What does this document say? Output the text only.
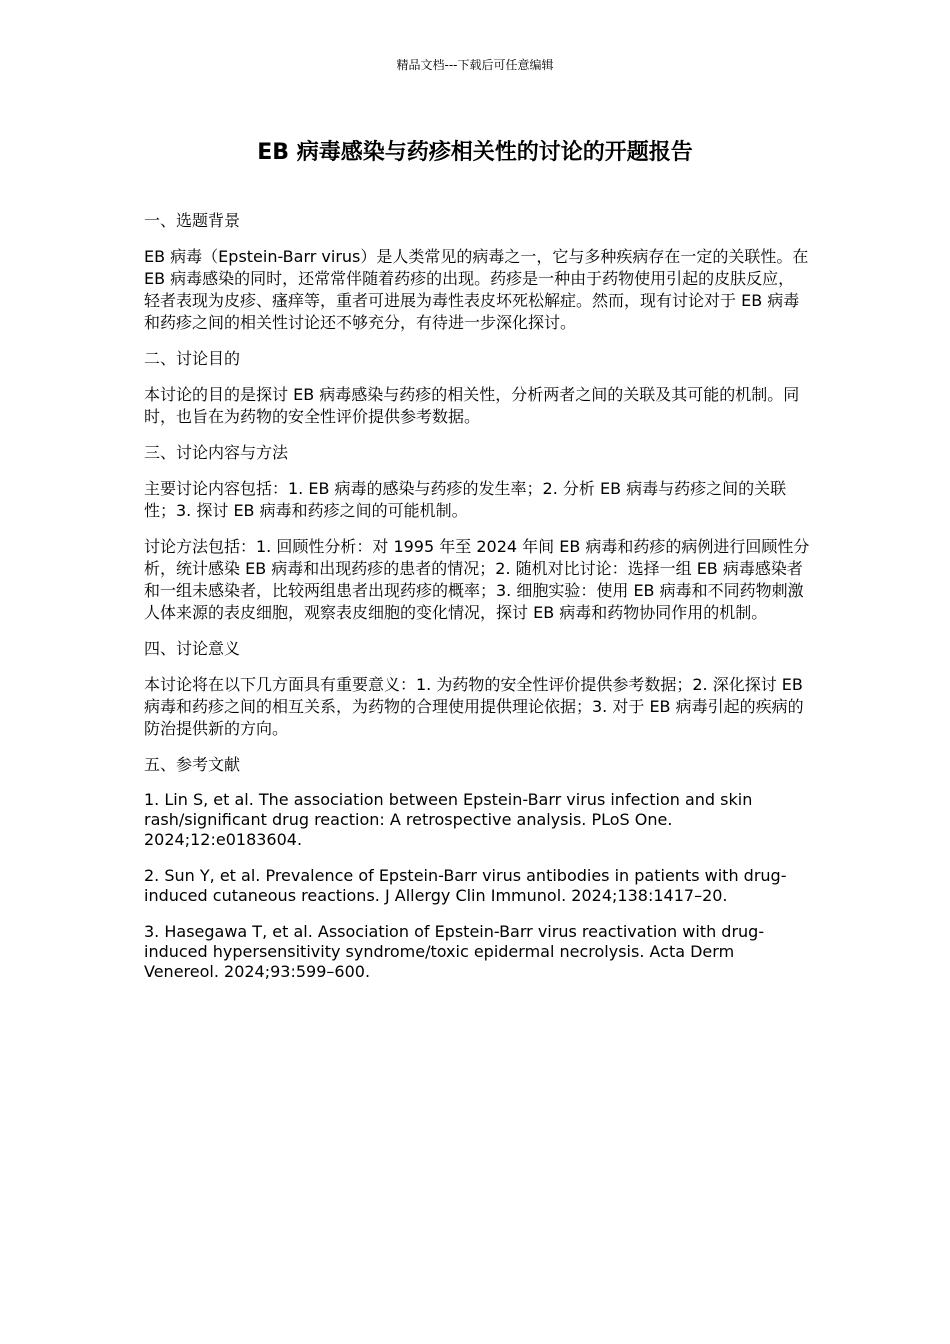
精品文档---下载后可任意编辑
EB 病毒感染与药疹相关性的讨论的开题报告
一、选题背景

EB 病毒（Epstein-Barr virus）是人类常见的病毒之一，它与多种疾病存在一定的关联性。在 EB 病毒感染的同时，还常常伴随着药疹的出现。药疹是一种由于药物使用引起的皮肤反应，轻者表现为皮疹、瘙痒等，重者可进展为毒性表皮坏死松解症。然而，现有讨论对于 EB 病毒和药疹之间的相关性讨论还不够充分，有待进一步深化探讨。

二、讨论目的

本讨论的目的是探讨 EB 病毒感染与药疹的相关性，分析两者之间的关联及其可能的机制。同时，也旨在为药物的安全性评价提供参考数据。

三、讨论内容与方法

主要讨论内容包括：1. EB 病毒的感染与药疹的发生率；2. 分析 EB 病毒与药疹之间的关联性；3. 探讨 EB 病毒和药疹之间的可能机制。

讨论方法包括：1. 回顾性分析：对 1995 年至 2024 年间 EB 病毒和药疹的病例进行回顾性分析，统计感染 EB 病毒和出现药疹的患者的情况；2. 随机对比讨论：选择一组 EB 病毒感染者和一组未感染者，比较两组患者出现药疹的概率；3. 细胞实验：使用 EB 病毒和不同药物刺激人体来源的表皮细胞，观察表皮细胞的变化情况，探讨 EB 病毒和药物协同作用的机制。

四、讨论意义

本讨论将在以下几方面具有重要意义：1. 为药物的安全性评价提供参考数据；2. 深化探讨 EB 病毒和药疹之间的相互关系，为药物的合理使用提供理论依据；3. 对于 EB 病毒引起的疾病的防治提供新的方向。

五、参考文献

1. Lin S, et al. The association between Epstein-Barr virus infection and skin rash/significant drug reaction: A retrospective analysis. PLoS One. 2024;12:e0183604.

2. Sun Y, et al. Prevalence of Epstein-Barr virus antibodies in patients with drug-induced cutaneous reactions. J Allergy Clin Immunol. 2024;138:1417–20.

3. Hasegawa T, et al. Association of Epstein-Barr virus reactivation with drug-induced hypersensitivity syndrome/toxic epidermal necrolysis. Acta Derm Venereol. 2024;93:599–600.
